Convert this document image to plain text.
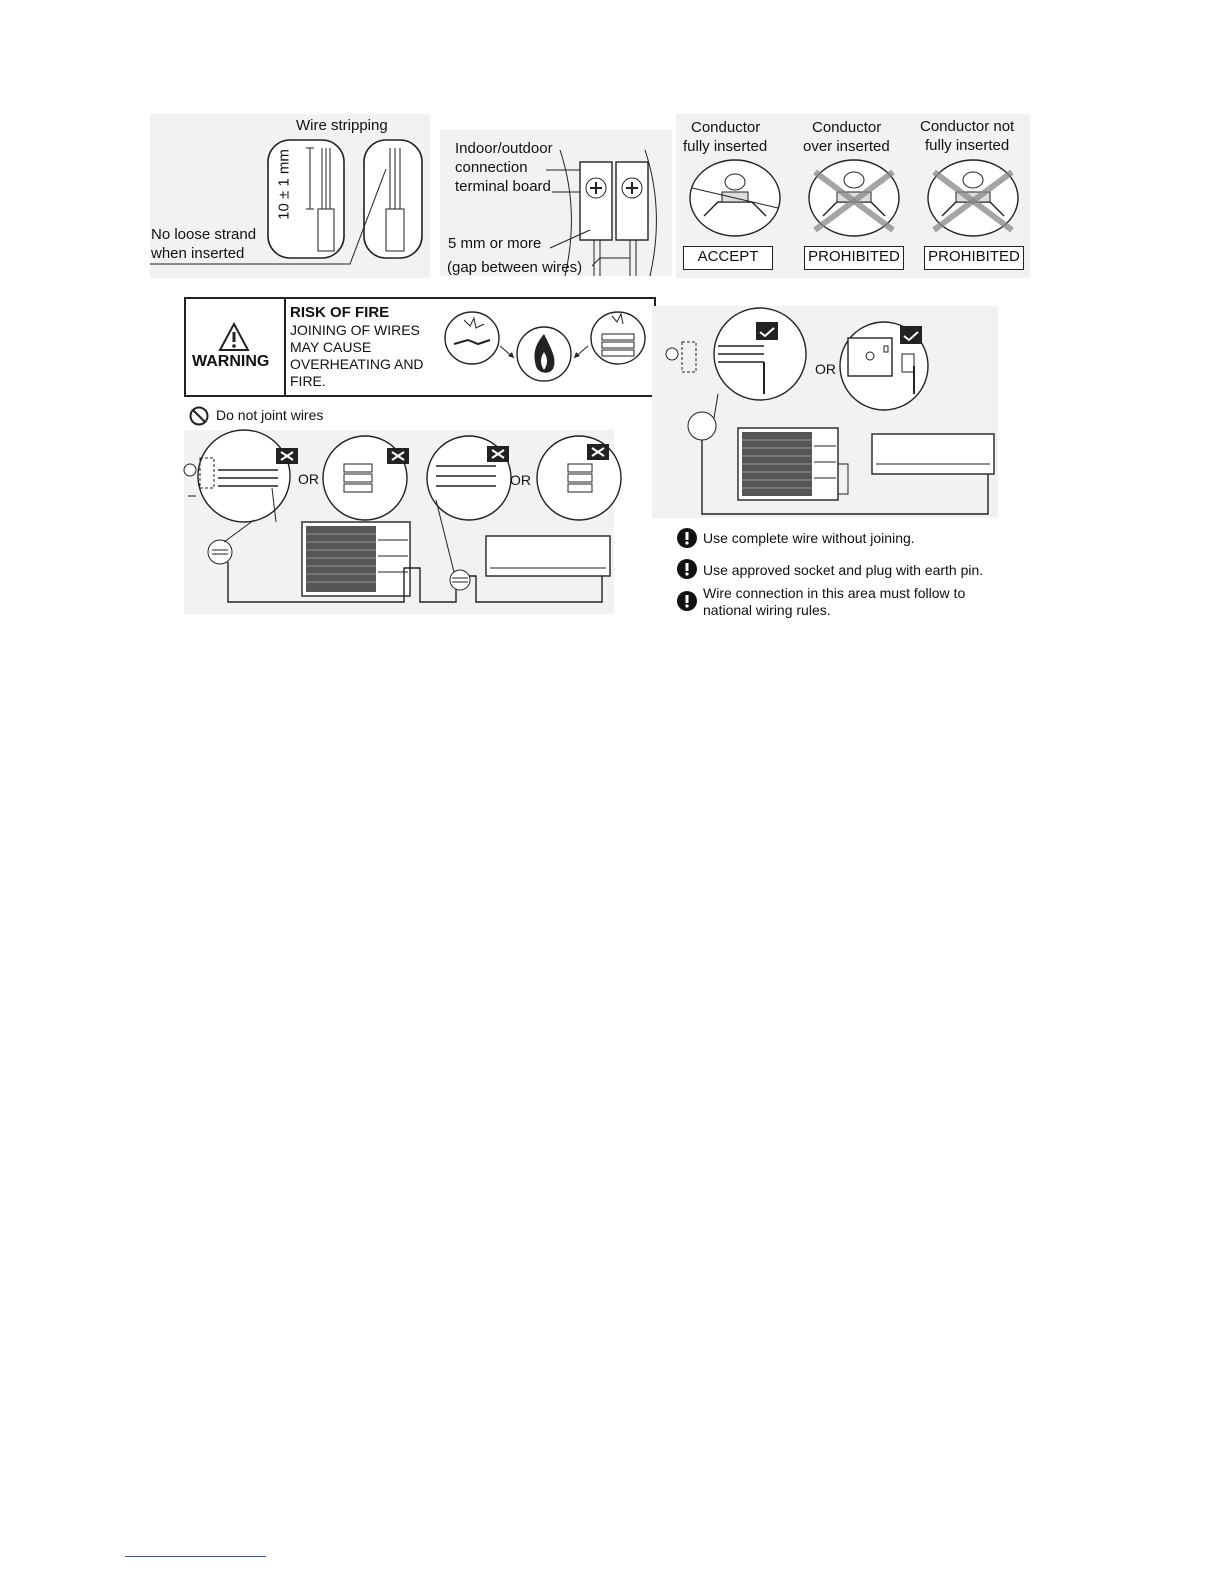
Wire stripping
10 ± 1 mm
No loose strand
when inserted
Indoor/outdoor
connection
terminal board
5 mm or more
(gap between wires)
Conductor
fully inserted
Conductor
over inserted
Conductor not
fully inserted
ACCEPT	PROHIBITED PROHIBITED
WARNING
RISK OF FIRE
JOINING OF WIRES
MAY CAUSE
OVERHEATING AND
FIRE.
Do not joint wires
OR	OR
OR
Use complete wire without joining.
Use approved socket and plug with earth pin.
Wire connection in this area must follow to
national wiring rules.
